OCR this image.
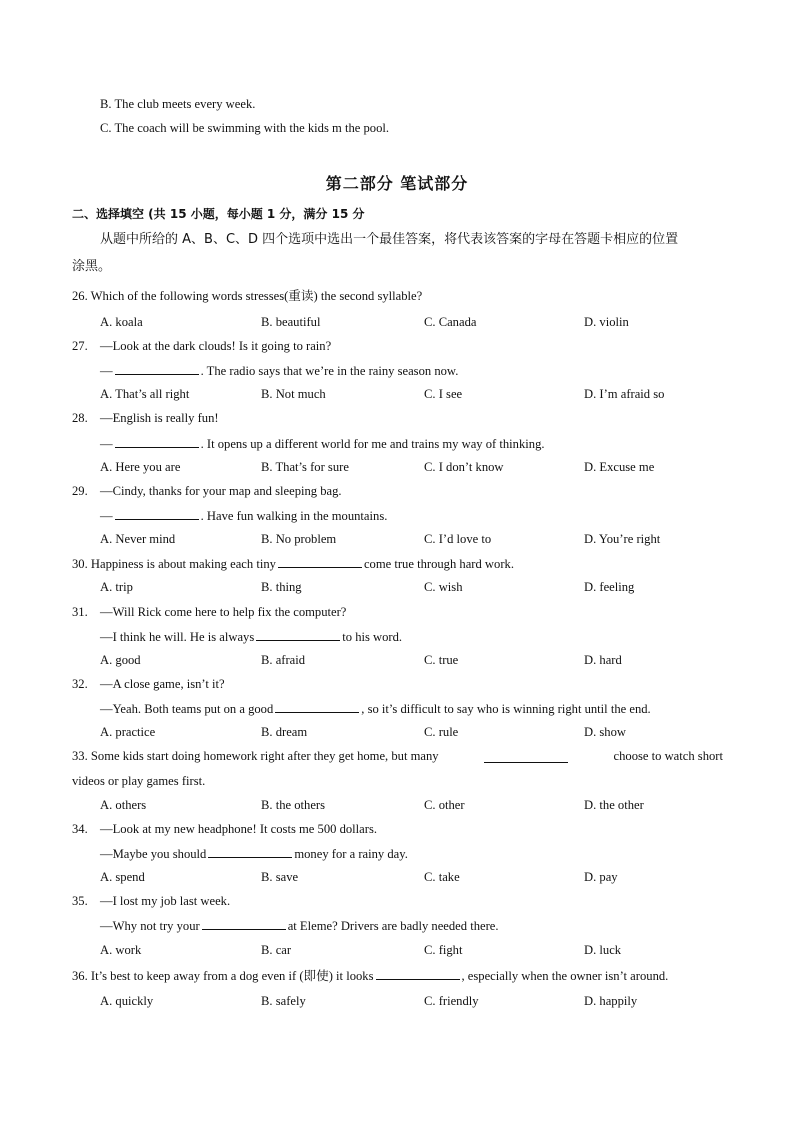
B. The club meets every week.
C. The coach will be swimming with the kids m the pool.
第二部分 笔试部分
二、选择填空 (共 15 小题，每小题 1 分，满分 15 分
从题中所给的 A、B、C、D 四个选项中选出一个最佳答案，将代表该答案的字母在答题卡相应的位置
涂黑。
26. Which of the following words stresses(重读) the second syllable?
A. koala	B. beautiful	C. Canada	D. violin
27. —Look at the dark clouds! Is it going to rain?
—	. The radio says that we’re in the rainy season now.
A. That’s all right	B. Not much	C. I see	D. I’m afraid so
28. —English is really fun!
—	. It opens up a different world for me and trains my way of thinking.
A. Here you are	B. That’s for sure	C. I don’t know	D. Excuse me
29. —Cindy, thanks for your map and sleeping bag.
—	. Have fun walking in the mountains.
A. Never mind	B. No problem	C. I’d love to	D. You’re right
30. Happiness is about making each tiny	come true through hard work.
A. trip	B. thing	C. wish	D. feeling
31. —Will Rick come here to help fix the computer?
—I think he will. He is always	to his word.
A. good	B. afraid	C. true	D. hard
32. —A close game, isn’t it?
—Yeah. Both teams put on a good	, so it’s difficult to say who is winning right until the end.
A. practice	B. dream	C. rule	D. show
33. Some kids start doing homework right after they get home, but many	choose to watch short
videos or play games first.
A. others	B. the others	C. other	D. the other
34. —Look at my new headphone! It costs me 500 dollars.
—Maybe you should	money for a rainy day.
A. spend	B. save	C. take	D. pay
35. —I lost my job last week.
—Why not try your	at Eleme? Drivers are badly needed there.
A. work	B. car	C. fight	D. luck
36. It’s best to keep away from a dog even if (即使) it looks	, especially when the owner isn’t around.
A. quickly	B. safely	C. friendly	D. happily
